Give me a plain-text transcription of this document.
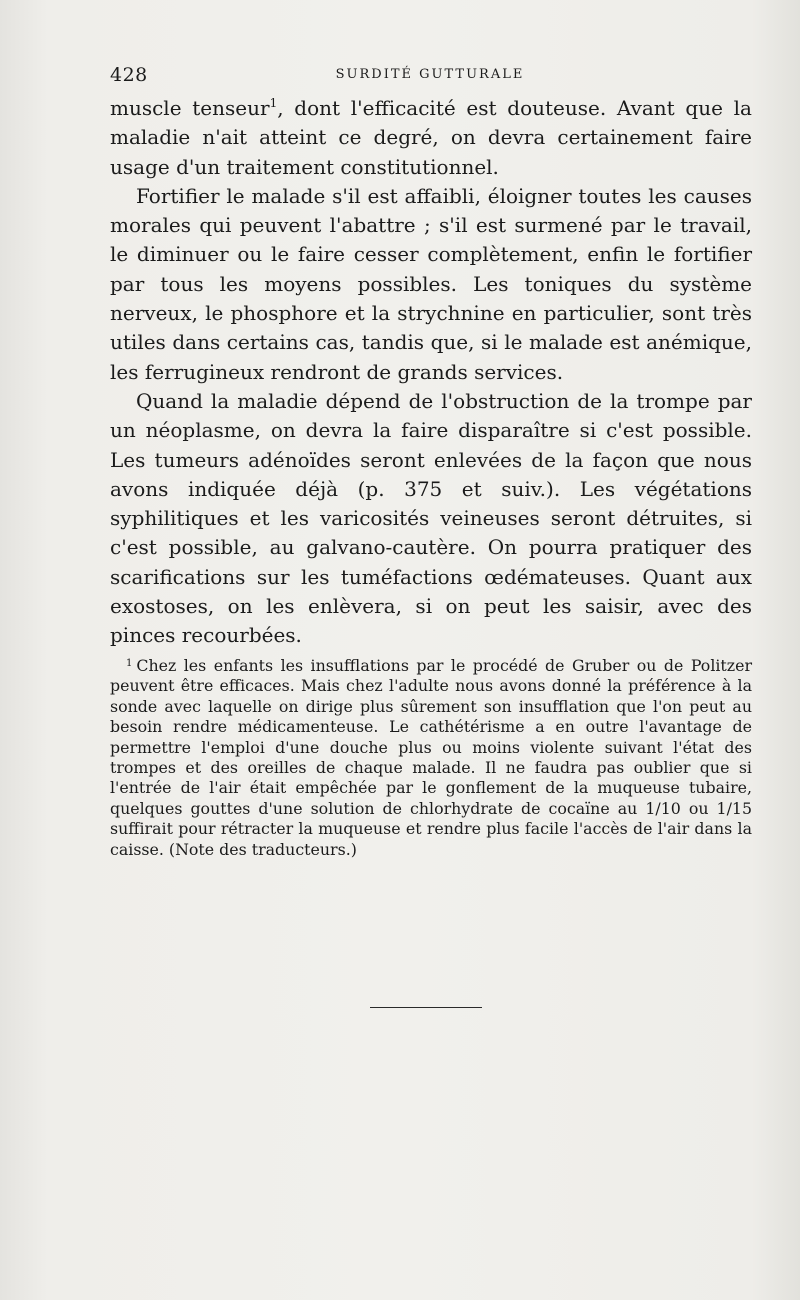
428	SURDITÉ GUTTURALE

muscle tenseur$^1$, dont l'efficacité est douteuse. Avant que la maladie n'ait atteint ce degré, on devra certainement faire usage d'un traitement constitutionnel.

Fortifier le malade s'il est affaibli, éloigner toutes les causes morales qui peuvent l'abattre ; s'il est surmené par le travail, le diminuer ou le faire cesser complètement, enfin le fortifier par tous les moyens possibles. Les toniques du système nerveux, le phosphore et la strychnine en particulier, sont très utiles dans certains cas, tandis que, si le malade est anémique, les ferrugineux rendront de grands services.

Quand la maladie dépend de l'obstruction de la trompe par un néoplasme, on devra la faire disparaître si c'est possible. Les tumeurs adénoïdes seront enlevées de la façon que nous avons indiquée déjà (p. 375 et suiv.). Les végétations syphilitiques et les varicosités veineuses seront détruites, si c'est possible, au galvano-cautère. On pourra pratiquer des scarifications sur les tuméfactions œdémateuses. Quant aux exostoses, on les enlèvera, si on peut les saisir, avec des pinces recourbées.

$^1$ Chez les enfants les insufflations par le procédé de Gruber ou de Politzer peuvent être efficaces. Mais chez l'adulte nous avons donné la préférence à la sonde avec laquelle on dirige plus sûrement son insufflation que l'on peut au besoin rendre médicamenteuse. Le cathétérisme a en outre l'avantage de permettre l'emploi d'une douche plus ou moins violente suivant l'état des trompes et des oreilles de chaque malade. Il ne faudra pas oublier que si l'entrée de l'air était empêchée par le gonflement de la muqueuse tubaire, quelques gouttes d'une solution de chlorhydrate de cocaïne au 1/10 ou 1/15 suffirait pour rétracter la muqueuse et rendre plus facile l'accès de l'air dans la caisse. (Note des traducteurs.)
